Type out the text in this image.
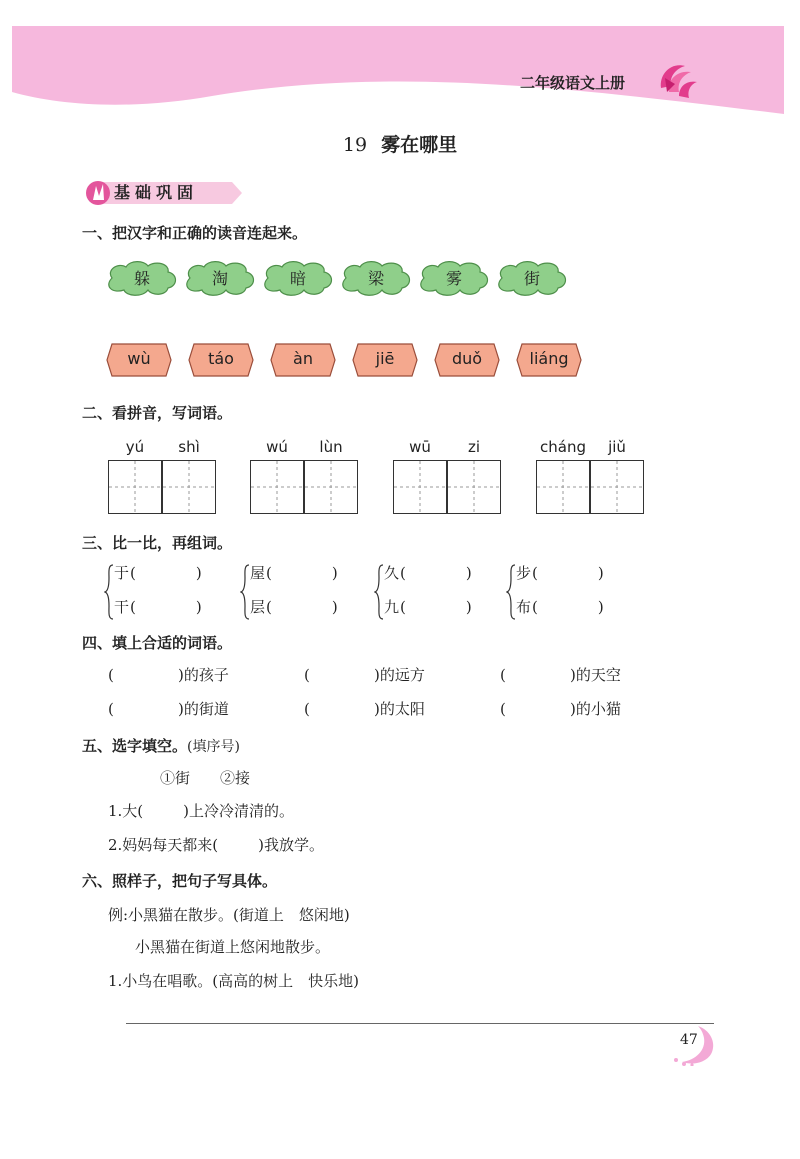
二年级语文上册
19 雾在哪里
基础巩固
一、把汉字和正确的读音连起来。
躲	淘	暗	梁	雾	街
wù	táo	àn	jiē	duǒ	liáng
二、看拼音，写词语。
yú	shì	wú	lùn	wū	zi	cháng	jiǔ
三、比一比，再组词。
于 (　　　　)
干 (　　　　)
屋 (　　　　)
层 (　　　　)
久 (　　　　)
九 (　　　　)
步 (　　　　)
布 (　　　　)
四、填上合适的词语。
(	)的孩子	(	)的远方	(	)的天空
(	)的街道	(	)的太阳	(	)的小猫
五、选字填空。(填序号)
①街　　②接
1.大(	)上冷冷清清的。
2.妈妈每天都来(	)我放学。
六、照样子，把句子写具体。
例:小黑猫在散步。(街道上　悠闲地)
小黑猫在街道上悠闲地散步。
1.小鸟在唱歌。(高高的树上　快乐地)
47
